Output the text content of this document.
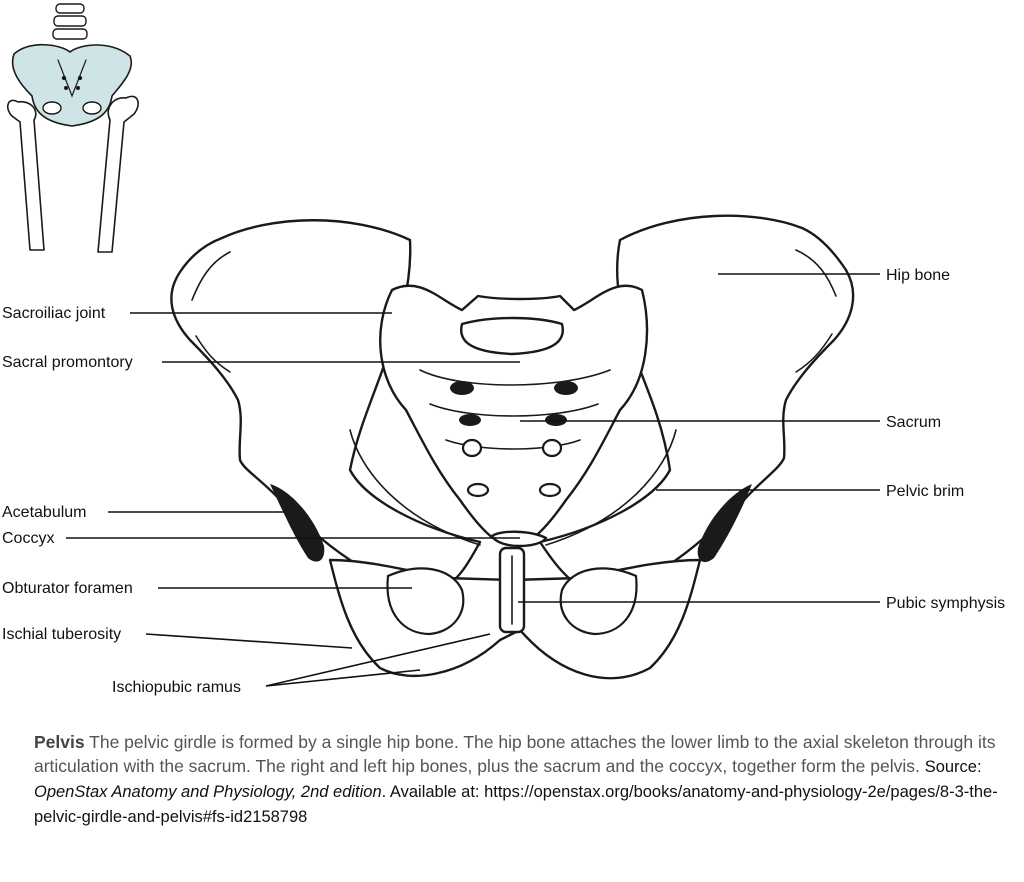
Sacroiliac joint
Sacral promontory
Acetabulum
Coccyx
Obturator foramen
Ischial tuberosity
Ischiopubic ramus
Hip bone
Sacrum
Pelvic brim
Pubic symphysis

Pelvis The pelvic girdle is formed by a single hip bone. The hip bone attaches the lower limb to the axial skeleton through its articulation with the sacrum. The right and left hip bones, plus the sacrum and the coccyx, together form the pelvis. Source: OpenStax Anatomy and Physiology, 2nd edition. Available at: https://openstax.org/books/anatomy-and-physiology-2e/pages/8-3-the-pelvic-girdle-and-pelvis#fs-id2158798
